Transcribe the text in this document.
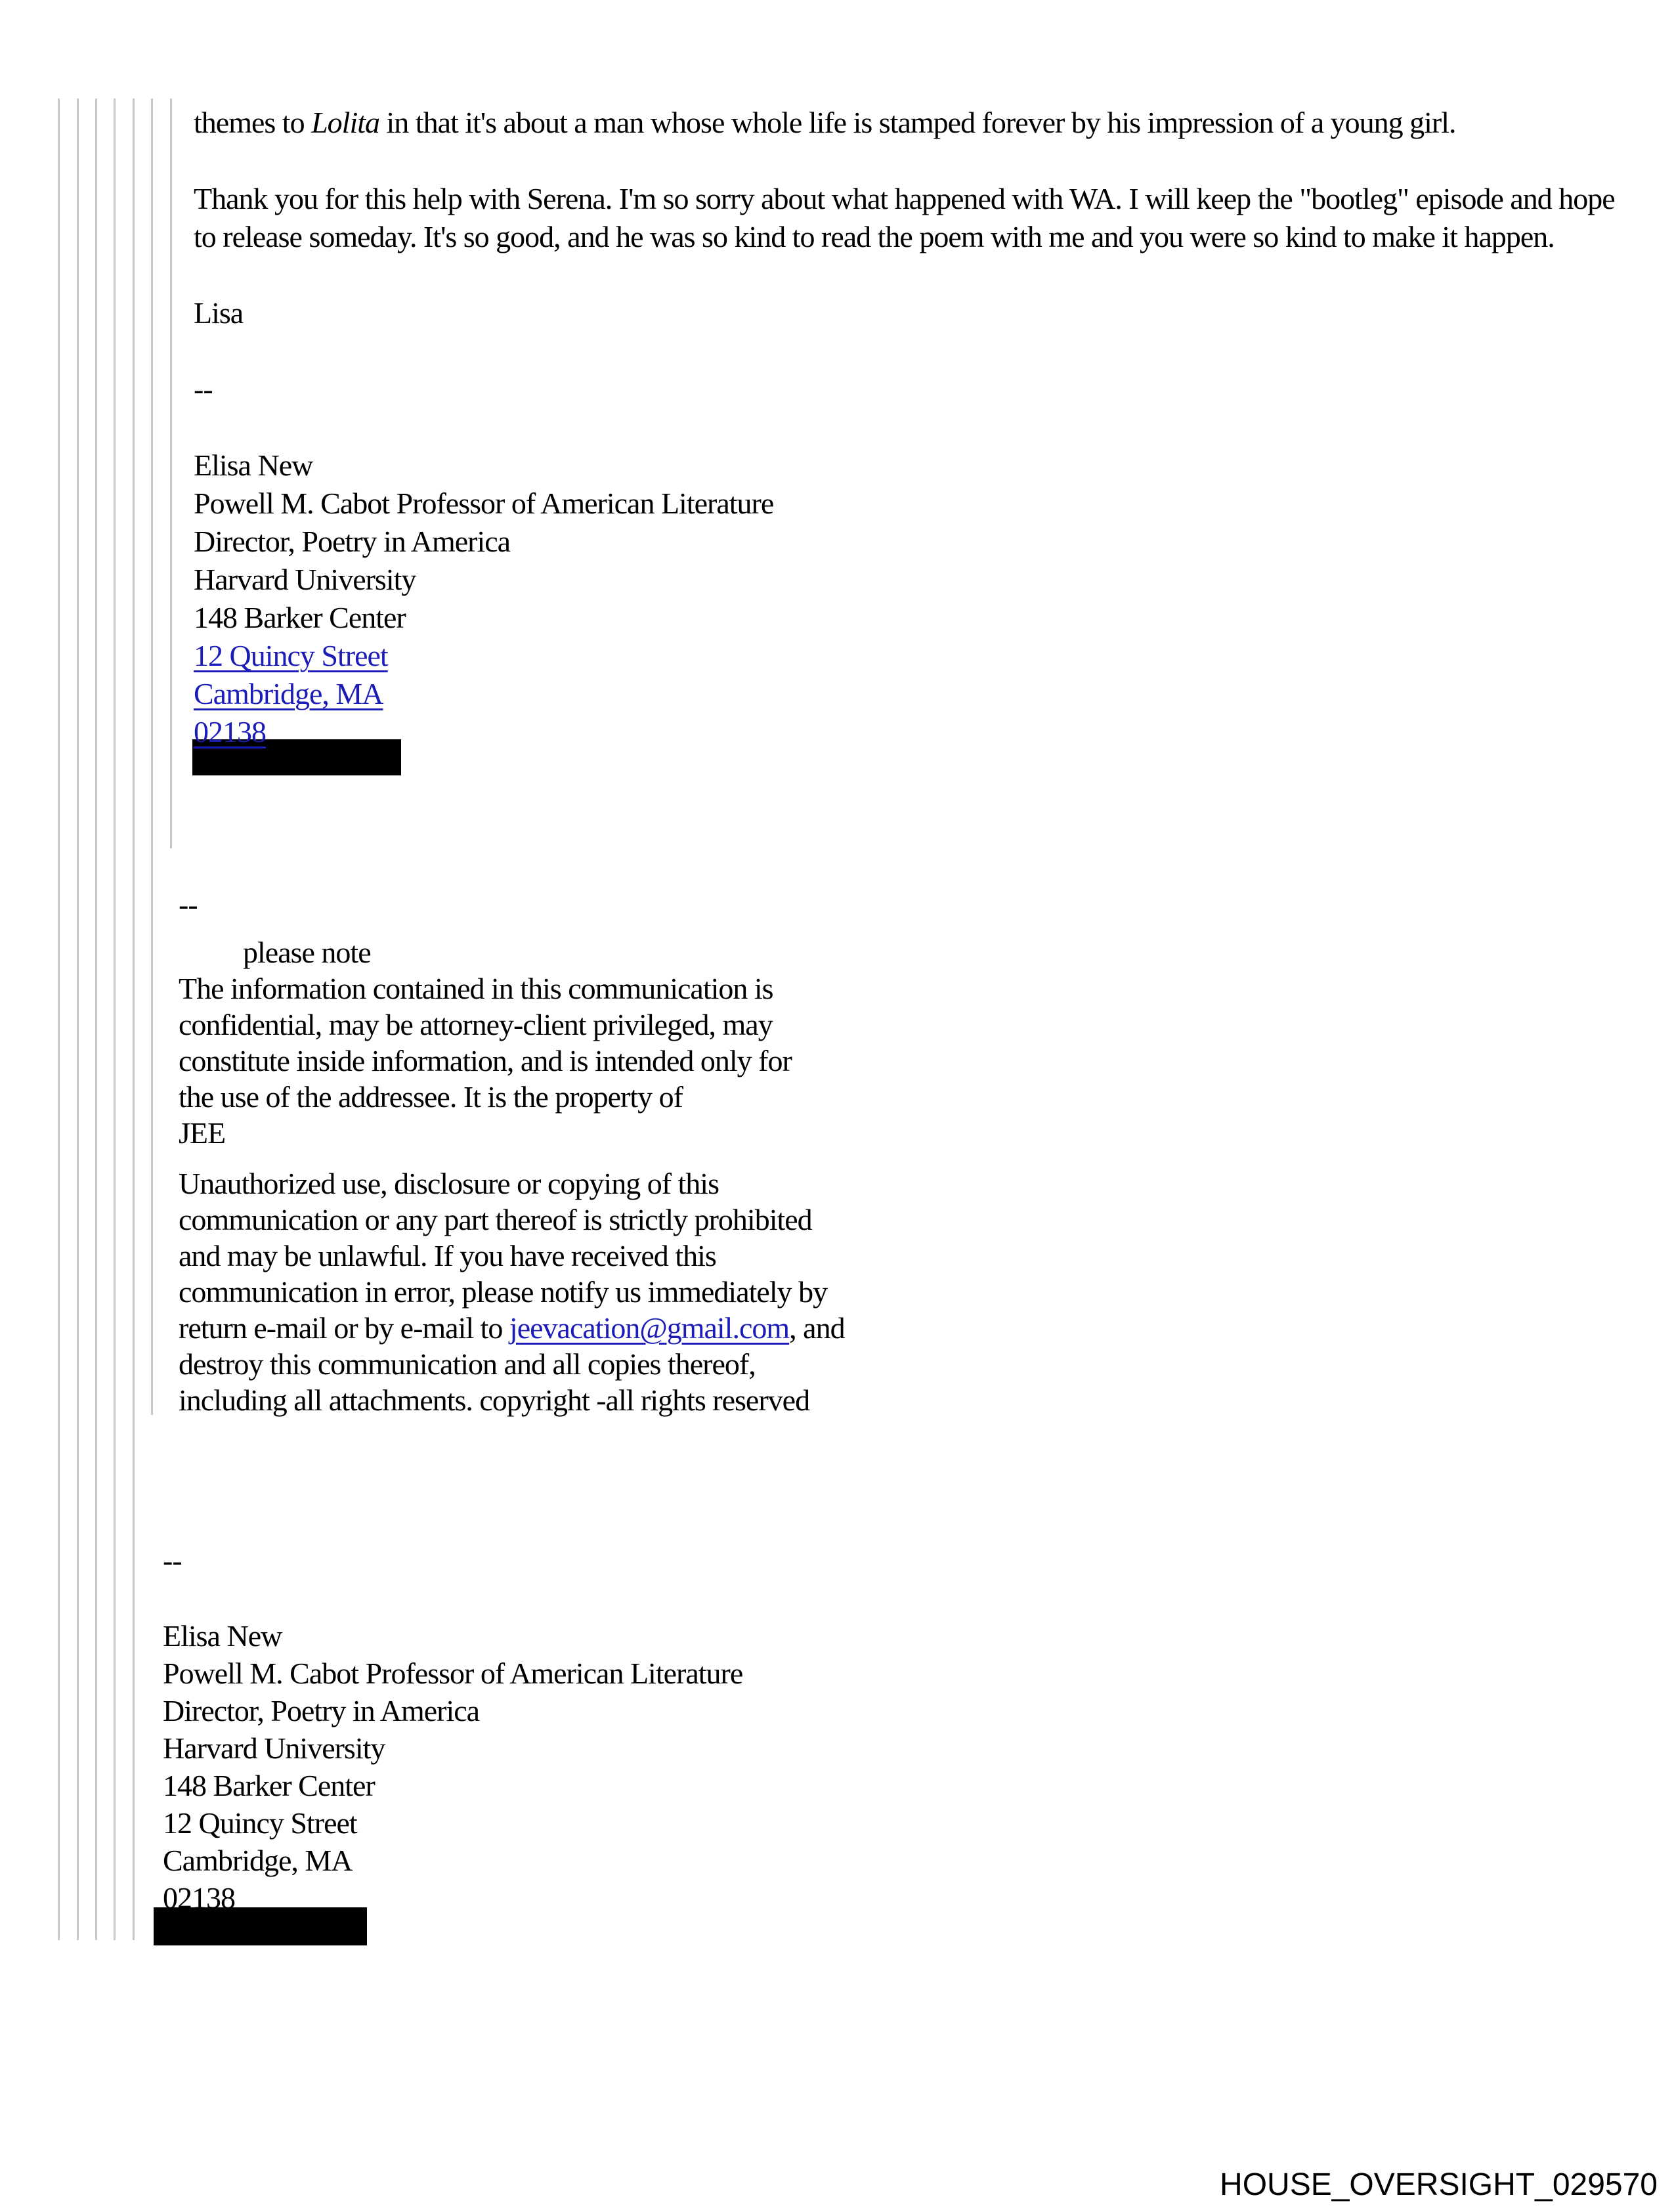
themes to Lolita in that it's about a man whose whole life is stamped forever by his impression of a young girl.

Thank you for this help with Serena. I'm so sorry about what happened with WA. I will keep the "bootleg" episode and hope to release someday. It's so good, and he was so kind to read the poem with me and you were so kind to make it happen.

Lisa

--

Elisa New

Powell M. Cabot Professor of American Literature

Director, Poetry in America

Harvard University

148 Barker Center

12 Quincy Street

Cambridge, MA

02138

--

please note

The information contained in this communication is

confidential, may be attorney-client privileged, may

constitute inside information, and is intended only for

the use of the addressee. It is the property of

JEE

Unauthorized use, disclosure or copying of this

communication or any part thereof is strictly prohibited

and may be unlawful. If you have received this

communication in error, please notify us immediately by

return e-mail or by e-mail to jeevacation@gmail.com, and

destroy this communication and all copies thereof,

including all attachments. copyright -all rights reserved

--

Elisa New

Powell M. Cabot Professor of American Literature

Director, Poetry in America

Harvard University

148 Barker Center

12 Quincy Street

Cambridge, MA

02138

HOUSE_OVERSIGHT_029570
